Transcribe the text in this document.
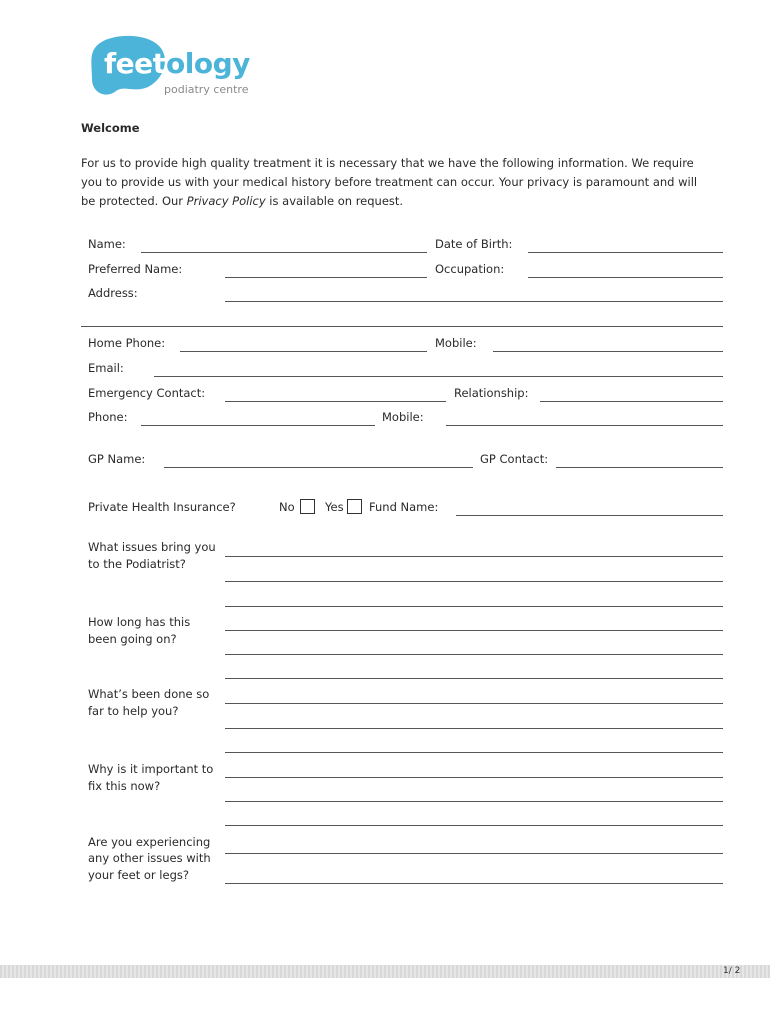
feet ology
podiatry centre
Welcome
For us to provide high quality treatment it is necessary that we have the following information. We require you to provide us with your medical history before treatment can occur. Your privacy is paramount and will be protected. Our Privacy Policy is available on request.
Name:	Date of Birth:
Preferred Name:	Occupation:
Address:
Home Phone:	Mobile:
Email:
Emergency Contact:	Relationship:
Phone:	Mobile:
GP Name:	GP Contact:
Private Health Insurance?	No	Yes Fund Name:
What issues bring you
to the Podiatrist?
How long has this
been going on?
What’s been done so
far to help you?
Why is it important to
fix this now?
Are you experiencing
any other issues with
your feet or legs?
1/ 2
